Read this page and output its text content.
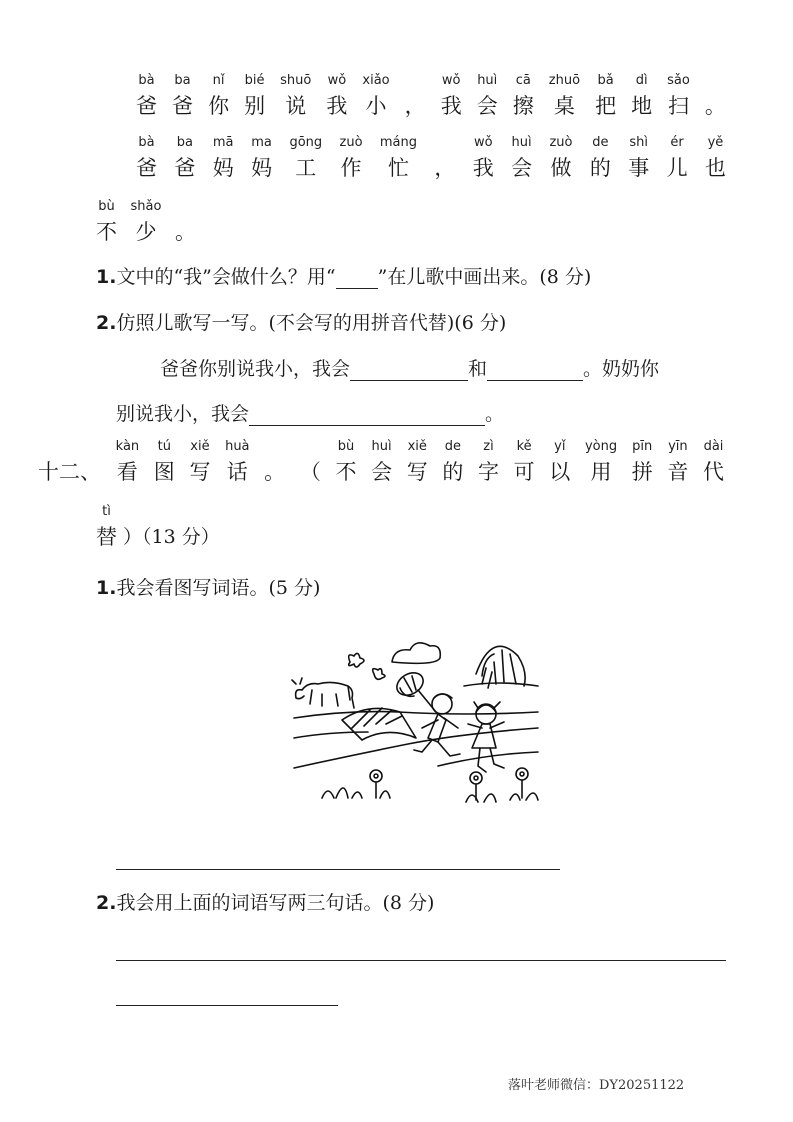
bà
爸
ba
爸
nǐ
你
bié
别
shuō
说
wǒ
我
xiǎo
小 ，
wǒ
我
huì
会
cā
擦
zhuō
桌
bǎ
把
dì
地
sǎo
扫 。
bà
爸
ba
爸
mā
妈
ma
妈
gōng
工
zuò
作
máng
忙 ，
wǒ
我
huì
会
zuò
做
de
的
shì
事
ér
儿
yě
也
bù
不
shǎo
少 。
1.文中的“我”会做什么？用“ ”在儿歌中画出来。(8 分)
2.仿照儿歌写一写。(不会写的用拼音代替)(6 分)
爸爸你别说我小，我会	和	。奶奶你
别说我小，我会	。
十二、
kàn
看
tú
图
xiě
写
huà
话 。 （
bù
不
huì
会
xiě
写
de
的
zì
字
kě
可
yǐ
以
yòng
用
pīn
拼
yīn
音
dài
代
tì
替 ）（13 分）
1.我会看图写词语。(5 分)
2.我会用上面的词语写两三句话。(8 分)
落叶老师微信：DY20251122
